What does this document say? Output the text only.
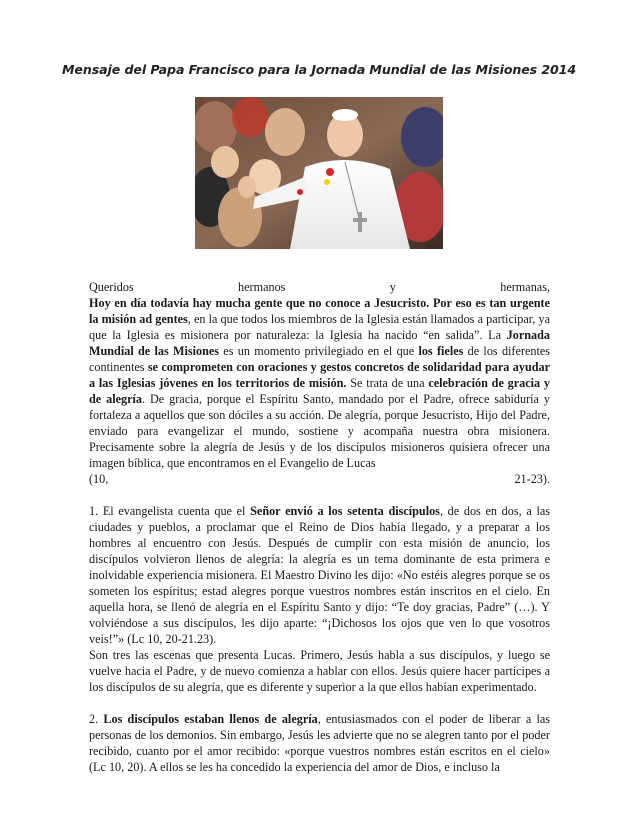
Mensaje del Papa Francisco para la Jornada Mundial de las Misiones 2014

Queridos	hermanos	y	hermanas,

Hoy en día todavía hay mucha gente que no conoce a Jesucristo. Por eso es tan urgente la misión ad gentes, en la que todos los miembros de la Iglesia están llamados a participar, ya que la Iglesia es misionera por naturaleza: la Iglesia ha nacido “en salida”. La Jornada Mundial de las Misiones es un momento privilegiado en el que los fieles de los diferentes continentes se comprometen con oraciones y gestos concretos de solidaridad para ayudar a las Iglesias jóvenes en los territorios de misión. Se trata de una celebración de gracia y de alegría. De gracia, porque el Espíritu Santo, mandado por el Padre, ofrece sabiduría y fortaleza a aquellos que son dóciles a su acción. De alegría, porque Jesucristo, Hijo del Padre, enviado para evangelizar el mundo, sostiene y acompaña nuestra obra misionera. Precisamente sobre la alegría de Jesús y de los discípulos misioneros quisiera ofrecer una imagen bíblica, que encontramos en el Evangelio de Lucas

(10,	21-23).

1. El evangelista cuenta que el Señor envió a los setenta discípulos, de dos en dos, a las ciudades y pueblos, a proclamar que el Reino de Dios había llegado, y a preparar a los hombres al encuentro con Jesús. Después de cumplir con esta misión de anuncio, los discípulos volvieron llenos de alegría: la alegría es un tema dominante de esta primera e inolvidable experiencia misionera. El Maestro Divino les dijo: «No estéis alegres porque se os someten los espíritus; estad alegres porque vuestros nombres están inscritos en el cielo. En aquella hora, se llenó de alegría en el Espíritu Santo y dijo: “Te doy gracias, Padre” (…). Y volviéndose a sus discípulos, les dijo aparte: “¡Dichosos los ojos que ven lo que vosotros veis!”» (Lc 10, 20-21.23).

Son tres las escenas que presenta Lucas. Primero, Jesús habla a sus discípulos, y luego se vuelve hacia el Padre, y de nuevo comienza a hablar con ellos. Jesús quiere hacer partícipes a los discípulos de su alegría, que es diferente y superior a la que ellos habían experimentado.

2. Los discípulos estaban llenos de alegría, entusiasmados con el poder de liberar a las personas de los demonios. Sin embargo, Jesús les advierte que no se alegren tanto por el poder recibido, cuanto por el amor recibido: «porque vuestros nombres están escritos en el cielo» (Lc 10, 20). A ellos se les ha concedido la experiencia del amor de Dios, e incluso la
